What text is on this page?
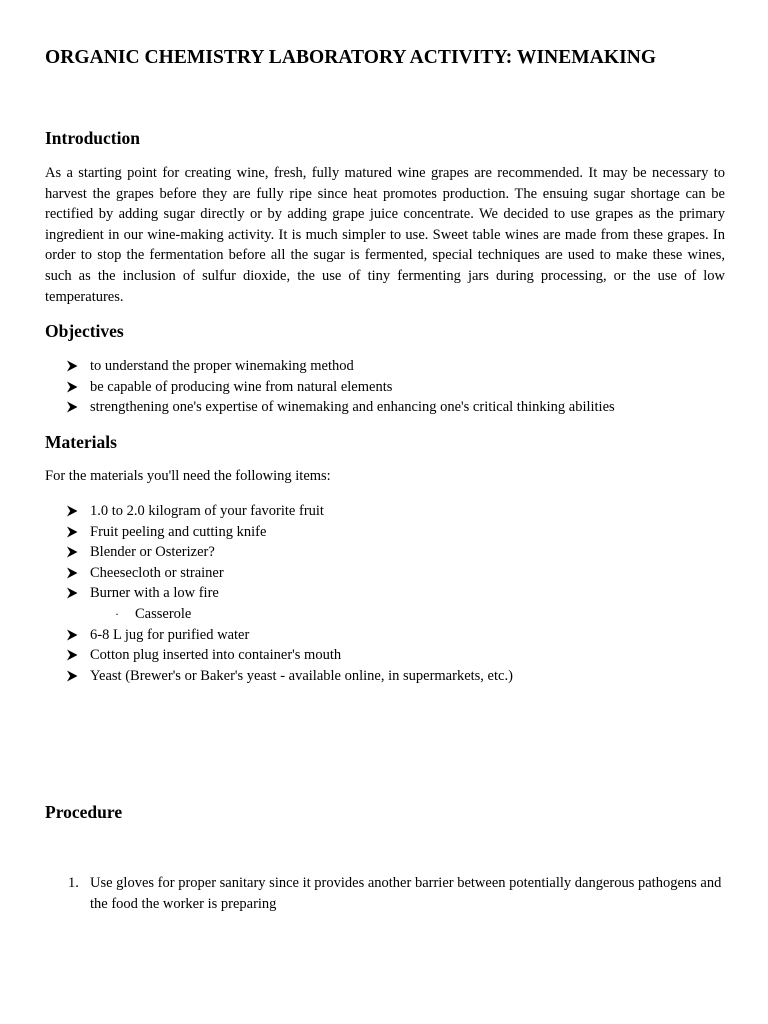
ORGANIC CHEMISTRY LABORATORY ACTIVITY: WINEMAKING
Introduction

As a starting point for creating wine, fresh, fully matured wine grapes are recommended. It may be necessary to harvest the grapes before they are fully ripe since heat promotes production. The ensuing sugar shortage can be rectified by adding sugar directly or by adding grape juice concentrate. We decided to use grapes as the primary ingredient in our wine-making activity. It is much simpler to use. Sweet table wines are made from these grapes. In order to stop the fermentation before all the sugar is fermented, special techniques are used to make these wines, such as the inclusion of sulfur dioxide, the use of tiny fermenting jars during processing, or the use of low temperatures.

Objectives
to understand the proper winemaking method
be capable of producing wine from natural elements
strengthening one's expertise of winemaking and enhancing one's critical thinking abilities
Materials

For the materials you'll need the following items:

1.0 to 2.0 kilogram of your favorite fruit
Fruit peeling and cutting knife
Blender or Osterizer?
Cheesecloth or strainer
Burner with a low fire
· Casserole
6-8 L jug for purified water
Cotton plug inserted into container's mouth
Yeast (Brewer's or Baker's yeast - available online, in supermarkets, etc.)
Procedure
1. Use gloves for proper sanitary since it provides another barrier between potentially dangerous pathogens and the food the worker is preparing
